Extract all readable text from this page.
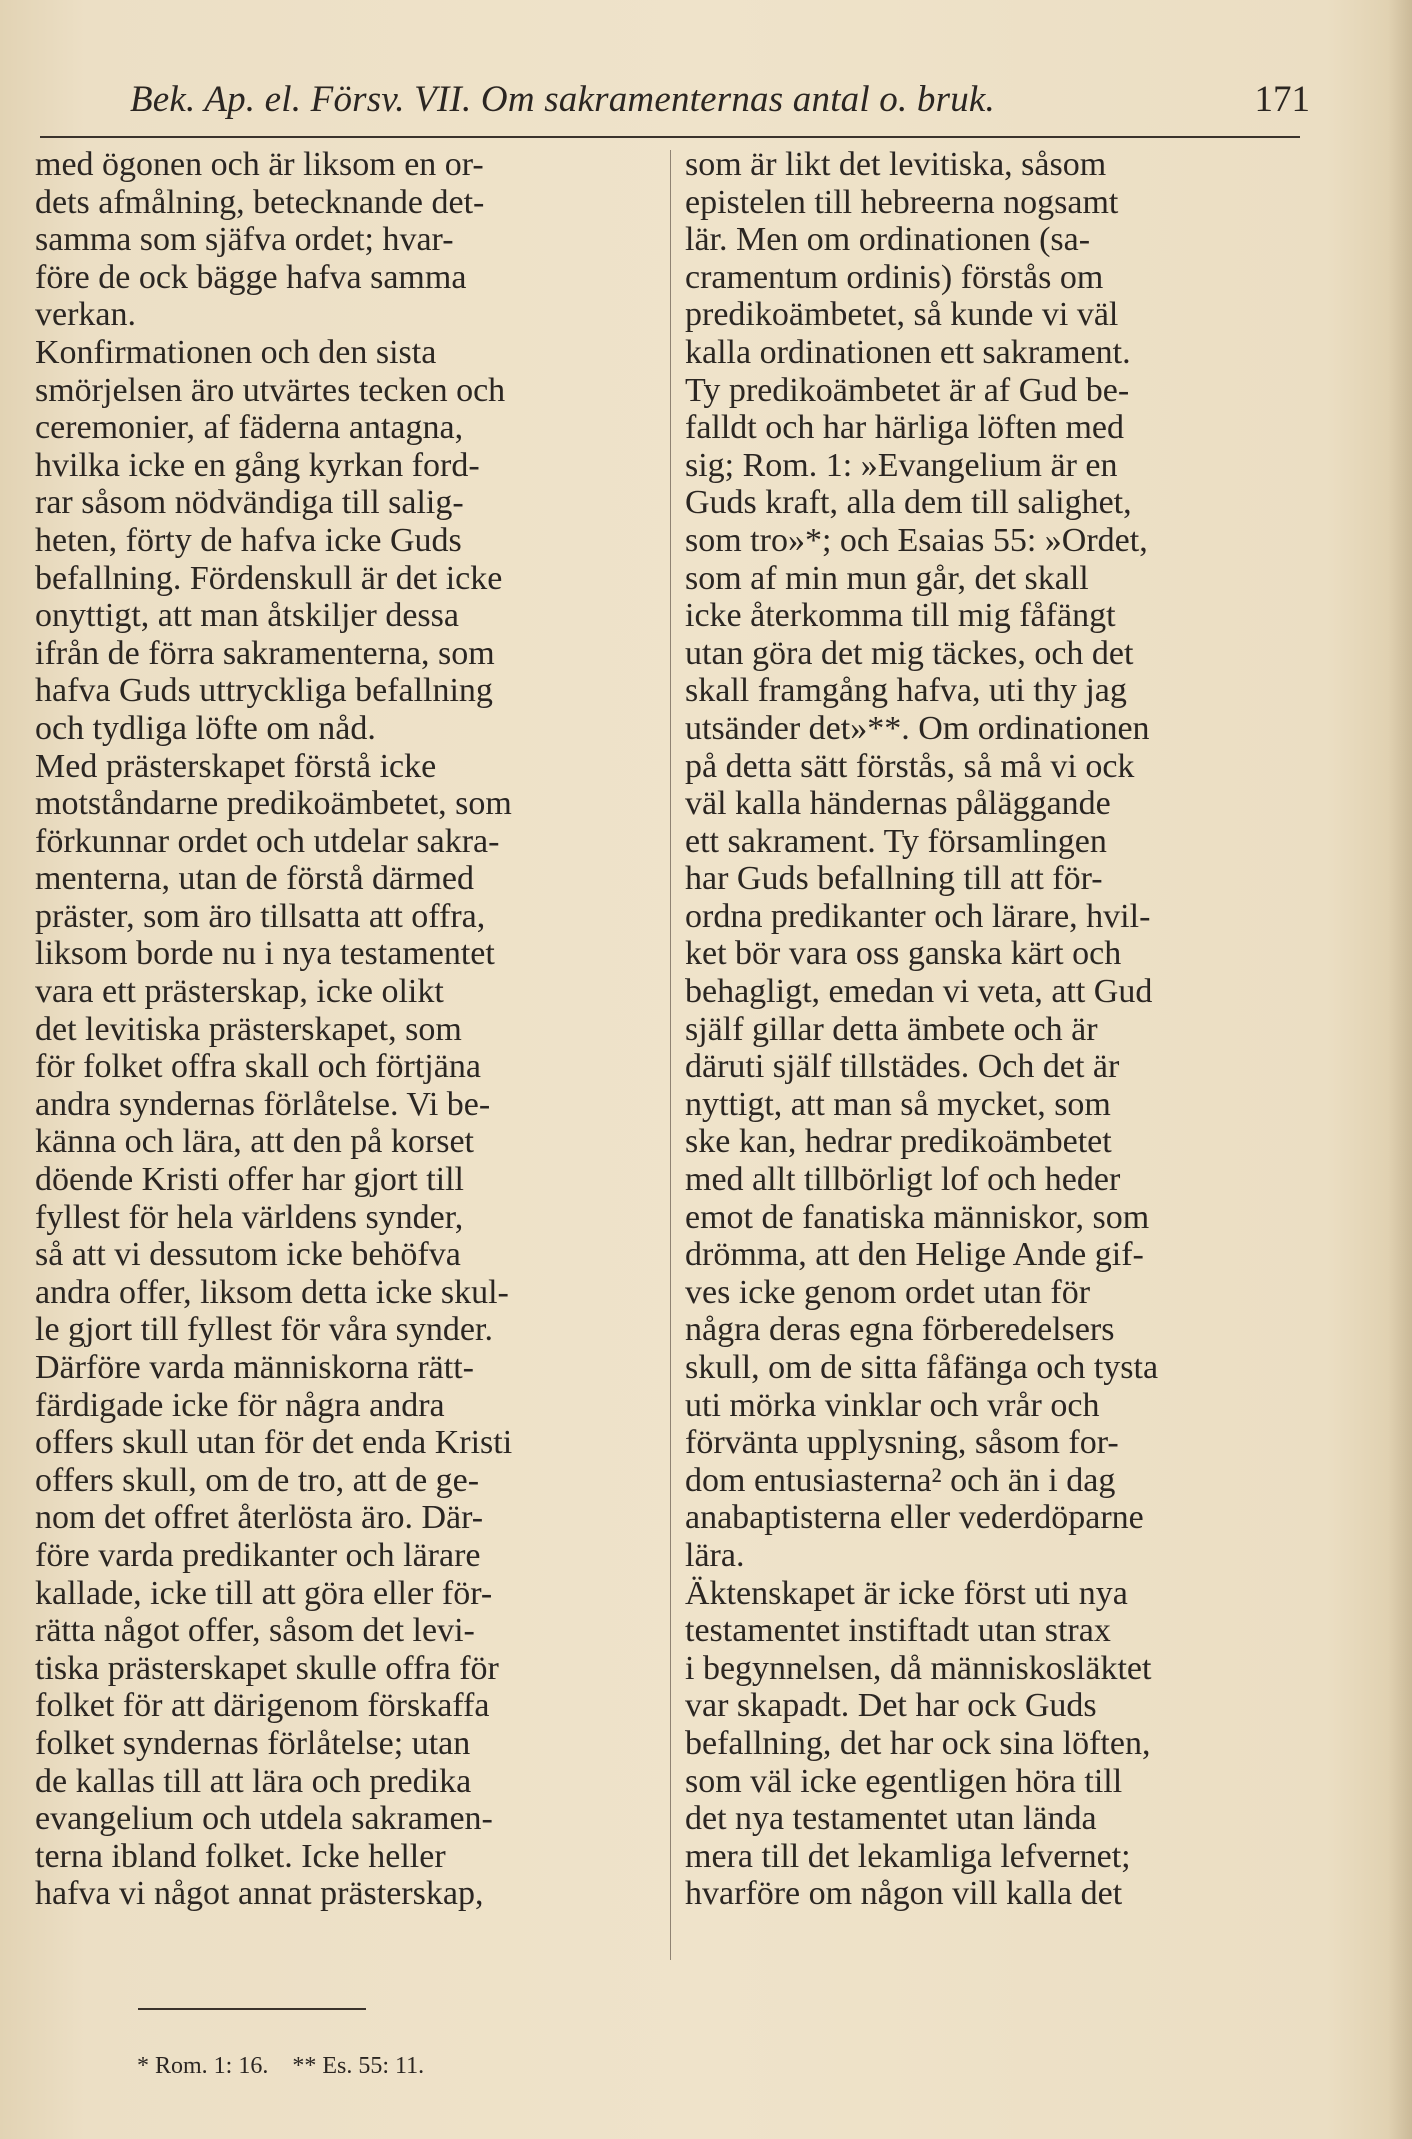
Bek. Ap. el. Försv. VII. Om sakramenternas antal o. bruk.	171
med ögonen och är liksom en or-
dets afmålning, betecknande det-
samma som sjäfva ordet; hvar-
före de ock bägge hafva samma
verkan.
Konfirmationen och den sista
smörjelsen äro utvärtes tecken och
ceremonier, af fäderna antagna,
hvilka icke en gång kyrkan ford-
rar såsom nödvändiga till salig-
heten, förty de hafva icke Guds
befallning. Fördenskull är det icke
onyttigt, att man åtskiljer dessa
ifrån de förra sakramenterna, som
hafva Guds uttryckliga befallning
och tydliga löfte om nåd.
Med prästerskapet förstå icke
motståndarne predikoämbetet, som
förkunnar ordet och utdelar sakra-
menterna, utan de förstå därmed
präster, som äro tillsatta att offra,
liksom borde nu i nya testamentet
vara ett prästerskap, icke olikt
det levitiska prästerskapet, som
för folket offra skall och förtjäna
andra syndernas förlåtelse. Vi be-
känna och lära, att den på korset
döende Kristi offer har gjort till
fyllest för hela världens synder,
så att vi dessutom icke behöfva
andra offer, liksom detta icke skul-
le gjort till fyllest för våra synder.
Därföre varda människorna rätt-
färdigade icke för några andra
offers skull utan för det enda Kristi
offers skull, om de tro, att de ge-
nom det offret återlösta äro. Där-
före varda predikanter och lärare
kallade, icke till att göra eller för-
rätta något offer, såsom det levi-
tiska prästerskapet skulle offra för
folket för att därigenom förskaffa
folket syndernas förlåtelse; utan
de kallas till att lära och predika
evangelium och utdela sakramen-
terna ibland folket. Icke heller
hafva vi något annat prästerskap,
som är likt det levitiska, såsom
epistelen till hebreerna nogsamt
lär. Men om ordinationen (sa-
cramentum ordinis) förstås om
predikoämbetet, så kunde vi väl
kalla ordinationen ett sakrament.
Ty predikoämbetet är af Gud be-
falldt och har härliga löften med
sig; Rom. 1: »Evangelium är en
Guds kraft, alla dem till salighet,
som tro»*; och Esaias 55: »Ordet,
som af min mun går, det skall
icke återkomma till mig fåfängt
utan göra det mig täckes, och det
skall framgång hafva, uti thy jag
utsänder det»**. Om ordinationen
på detta sätt förstås, så må vi ock
väl kalla händernas påläggande
ett sakrament. Ty församlingen
har Guds befallning till att för-
ordna predikanter och lärare, hvil-
ket bör vara oss ganska kärt och
behagligt, emedan vi veta, att Gud
själf gillar detta ämbete och är
däruti själf tillstädes. Och det är
nyttigt, att man så mycket, som
ske kan, hedrar predikoämbetet
med allt tillbörligt lof och heder
emot de fanatiska människor, som
drömma, att den Helige Ande gif-
ves icke genom ordet utan för
några deras egna förberedelsers
skull, om de sitta fåfänga och tysta
uti mörka vinklar och vrår och
förvänta upplysning, såsom for-
dom entusiasterna² och än i dag
anabaptisterna eller vederdöparne
lära.
Äktenskapet är icke först uti nya
testamentet instiftadt utan strax
i begynnelsen, då människosläktet
var skapadt. Det har ock Guds
befallning, det har ock sina löften,
som väl icke egentligen höra till
det nya testamentet utan lända
mera till det lekamliga lefvernet;
hvarföre om någon vill kalla det
* Rom. 1: 16. ** Es. 55: 11.
